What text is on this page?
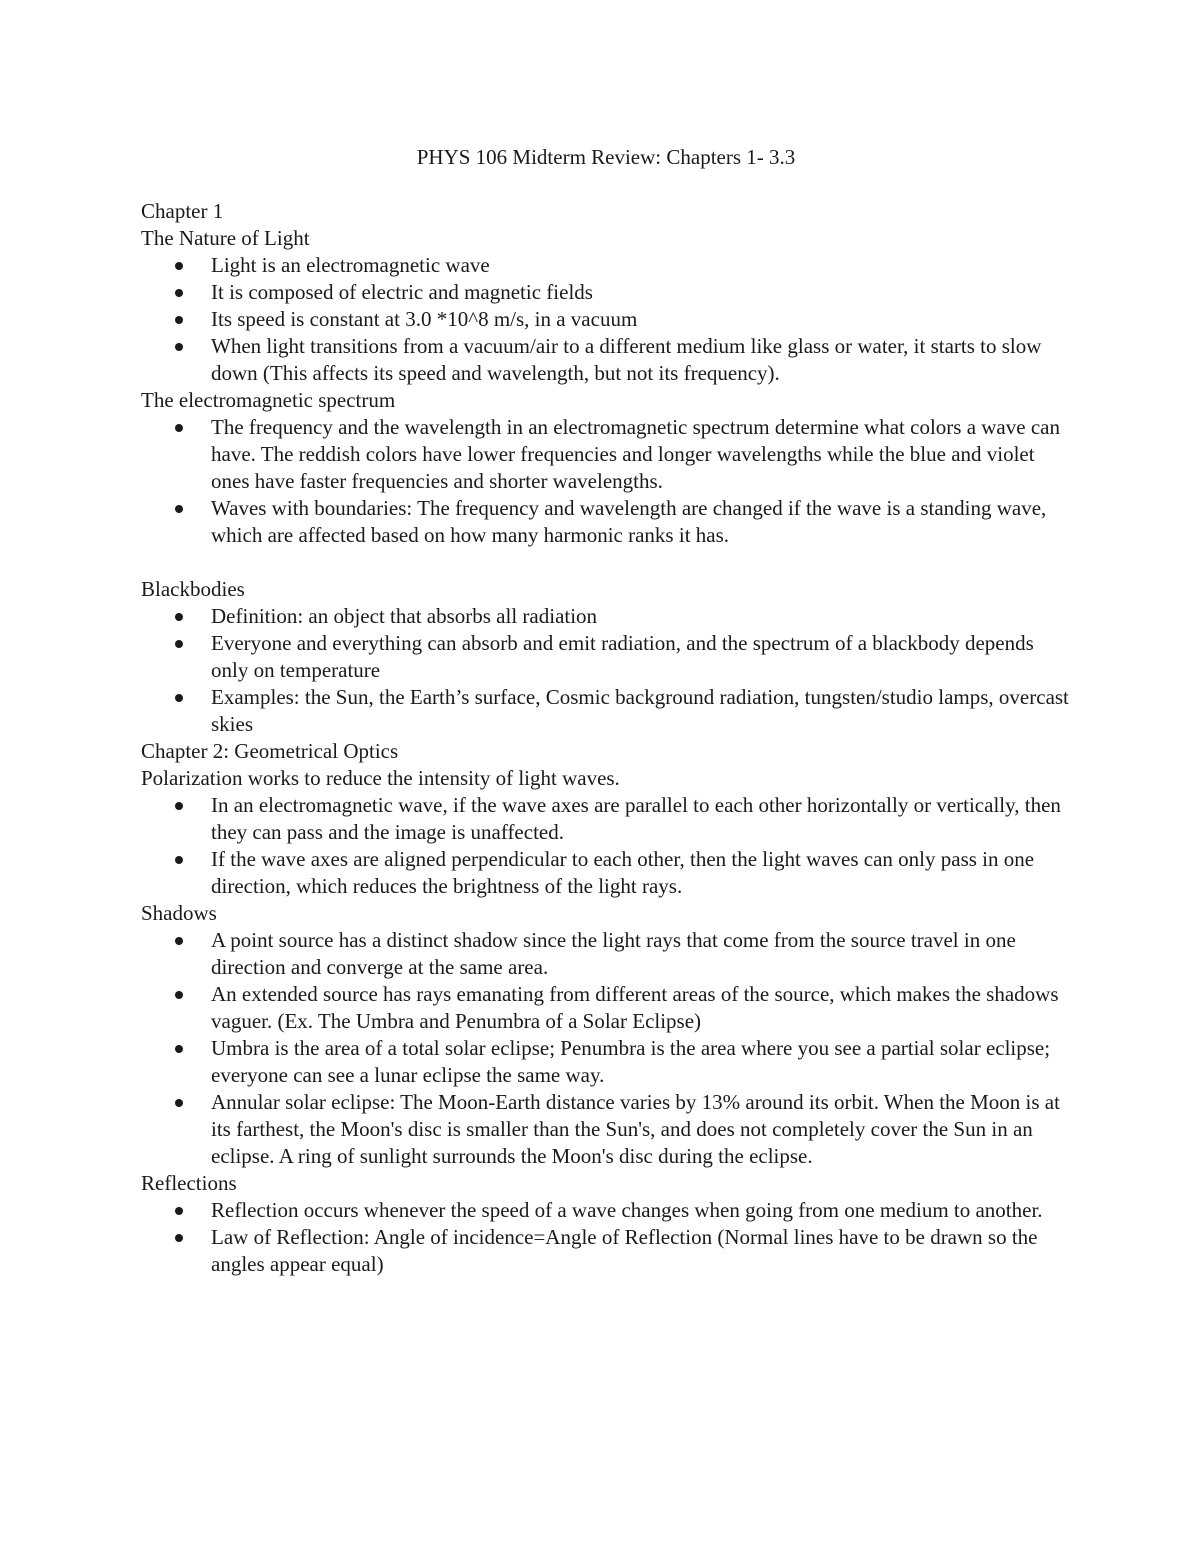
PHYS 106 Midterm Review: Chapters 1- 3.3
Chapter 1
The Nature of Light
Light is an electromagnetic wave
It is composed of electric and magnetic fields
Its speed is constant at 3.0 *10^8 m/s, in a vacuum
When light transitions from a vacuum/air to a different medium like glass or water, it starts to slow down (This affects its speed and wavelength, but not its frequency).
The electromagnetic spectrum
The frequency and the wavelength in an electromagnetic spectrum determine what colors a wave can have. The reddish colors have lower frequencies and longer wavelengths while the blue and violet ones have faster frequencies and shorter wavelengths.
Waves with boundaries: The frequency and wavelength are changed if the wave is a standing wave, which are affected based on how many harmonic ranks it has.
Blackbodies
Definition: an object that absorbs all radiation
Everyone and everything can absorb and emit radiation, and the spectrum of a blackbody depends only on temperature
Examples: the Sun, the Earth’s surface, Cosmic background radiation, tungsten/studio lamps, overcast skies
Chapter 2: Geometrical Optics
Polarization works to reduce the intensity of light waves.
In an electromagnetic wave, if the wave axes are parallel to each other horizontally or vertically, then they can pass and the image is unaffected.
If the wave axes are aligned perpendicular to each other, then the light waves can only pass in one direction, which reduces the brightness of the light rays.
Shadows
A point source has a distinct shadow since the light rays that come from the source travel in one direction and converge at the same area.
An extended source has rays emanating from different areas of the source, which makes the shadows vaguer. (Ex. The Umbra and Penumbra of a Solar Eclipse)
Umbra is the area of a total solar eclipse; Penumbra is the area where you see a partial solar eclipse; everyone can see a lunar eclipse the same way.
Annular solar eclipse: The Moon-Earth distance varies by 13% around its orbit. When the Moon is at its farthest, the Moon's disc is smaller than the Sun's, and does not completely cover the Sun in an eclipse. A ring of sunlight surrounds the Moon's disc during the eclipse.
Reflections
Reflection occurs whenever the speed of a wave changes when going from one medium to another.
Law of Reflection: Angle of incidence=Angle of Reflection (Normal lines have to be drawn so the angles appear equal)
